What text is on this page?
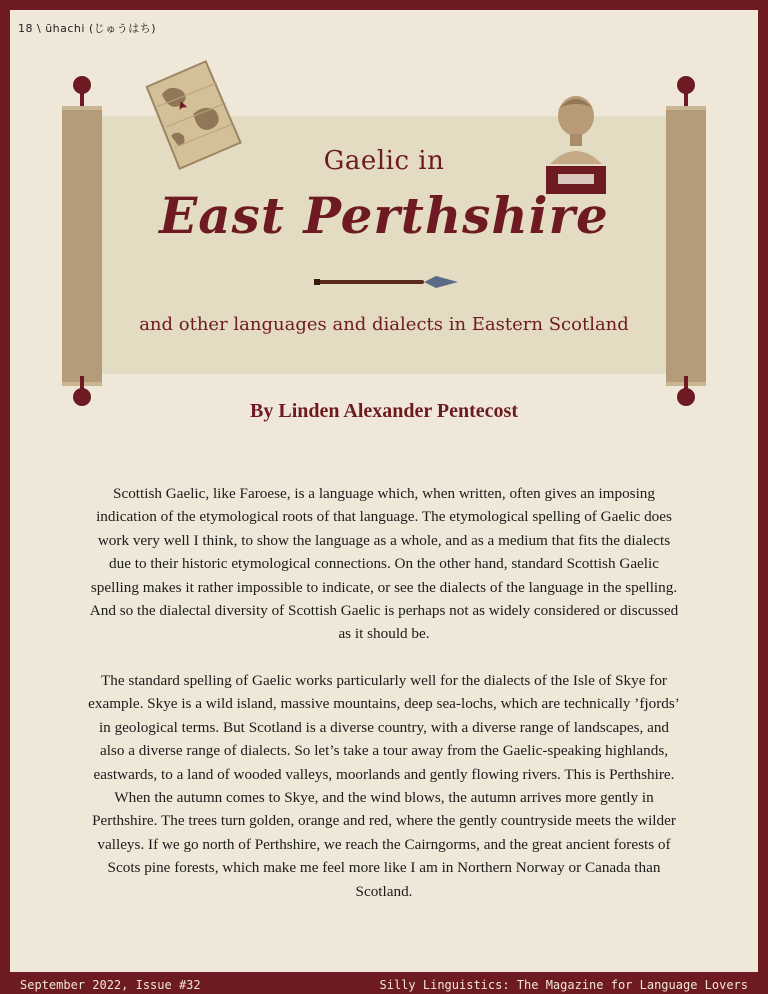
18 \ ūhachi (じゅうはち)
Gaelic in
East Perthshire
and other languages and dialects in Eastern Scotland
By Linden Alexander Pentecost

Scottish Gaelic, like Faroese, is a language which, when written, often gives an imposing indication of the etymological roots of that language. The etymological spelling of Gaelic does work very well I think, to show the language as a whole, and as a medium that fits the dialects due to their historic etymological connections. On the other hand, standard Scottish Gaelic spelling makes it rather impossible to indicate, or see the dialects of the language in the spelling. And so the dialectal diversity of Scottish Gaelic is perhaps not as widely considered or discussed as it should be.

The standard spelling of Gaelic works particularly well for the dialects of the Isle of Skye for example. Skye is a wild island, massive mountains, deep sea-lochs, which are technically ’fjords’ in geological terms. But Scotland is a diverse country, with a diverse range of landscapes, and also a diverse range of dialects. So let’s take a tour away from the Gaelic-speaking highlands, eastwards, to a land of wooded valleys, moorlands and gently flowing rivers. This is Perthshire. When the autumn comes to Skye, and the wind blows, the autumn arrives more gently in Perthshire. The trees turn golden, orange and red, where the gently countryside meets the wilder valleys. If we go north of Perthshire, we reach the Cairngorms, and the great ancient forests of Scots pine forests, which make me feel more like I am in Northern Norway or Canada than Scotland.

September 2022, Issue #32	Silly Linguistics: The Magazine for Language Lovers
